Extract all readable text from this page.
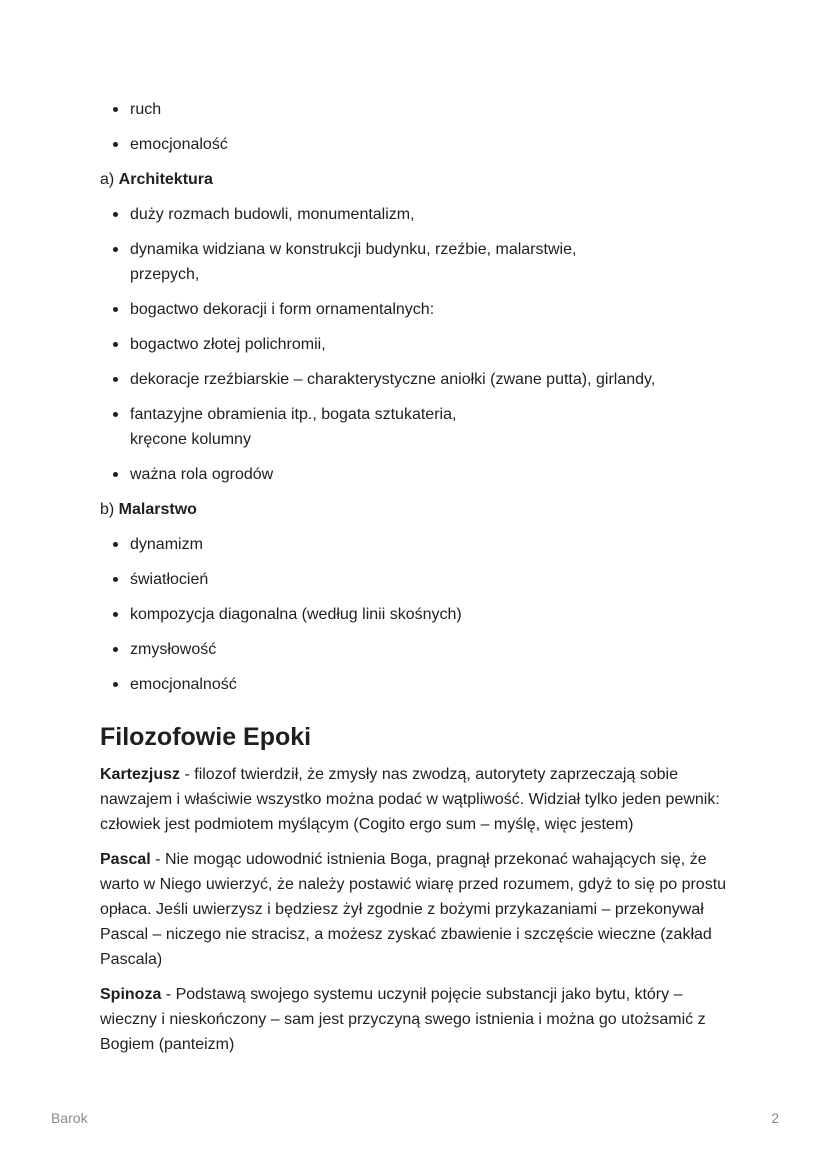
ruch
emocjonalość
a) Architektura
duży rozmach budowli, monumentalizm,
dynamika widziana w konstrukcji budynku, rzeźbie, malarstwie,
przepych,
bogactwo dekoracji i form ornamentalnych:
bogactwo złotej polichromii,
dekoracje rzeźbiarskie – charakterystyczne aniołki (zwane putta), girlandy,
fantazyjne obramienia itp., bogata sztukateria,
kręcone kolumny
ważna rola ogrodów
b) Malarstwo
dynamizm
światłocień
kompozycja diagonalna (według linii skośnych)
zmysłowość
emocjonalność
Filozofowie Epoki

Kartezjusz - filozof twierdził, że zmysły nas zwodzą, autorytety zaprzeczają sobie nawzajem i właściwie wszystko można podać w wątpliwość. Widział tylko jeden pewnik: człowiek jest podmiotem myślącym (Cogito ergo sum – myślę, więc jestem)

Pascal - Nie mogąc udowodnić istnienia Boga, pragnął przekonać wahających się, że warto w Niego uwierzyć, że należy postawić wiarę przed rozumem, gdyż to się po prostu opłaca. Jeśli uwierzysz i będziesz żył zgodnie z bożymi przykazaniami – przekonywał Pascal – niczego nie stracisz, a możesz zyskać zbawienie i szczęście wieczne (zakład Pascala)

Spinoza - Podstawą swojego systemu uczynił pojęcie substancji jako bytu, który – wieczny i nieskończony – sam jest przyczyną swego istnienia i można go utożsamić z Bogiem (panteizm)

Barok	2
